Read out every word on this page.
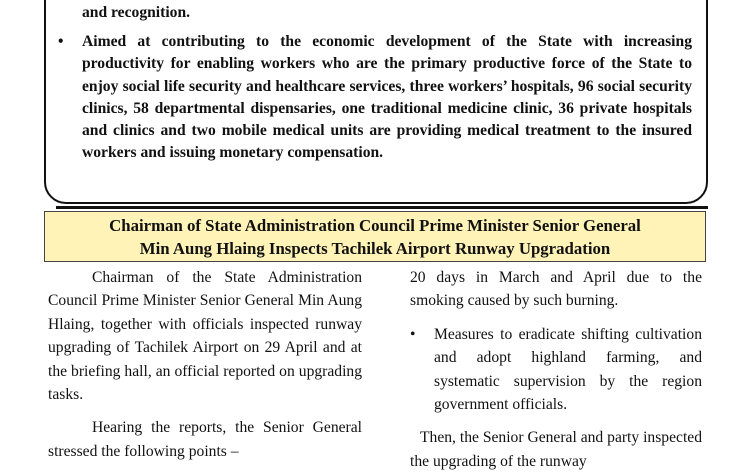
and recognition.
• Aimed at contributing to the economic development of the State with increasing productivity for enabling workers who are the primary productive force of the State to enjoy social life security and healthcare services, three workers’ hospitals, 96 social security clinics, 58 departmental dispensaries, one traditional medicine clinic, 36 private hospitals and clinics and two mobile medical units are providing medical treatment to the insured workers and issuing monetary compensation.
Chairman of State Administration Council Prime Minister Senior General
Min Aung Hlaing Inspects Tachilek Airport Runway Upgradation

Chairman of the State Administration Council Prime Minister Senior General Min Aung Hlaing, together with officials inspected runway upgrading of Tachilek Airport on 29 April and at the briefing hall, an official reported on upgrading tasks.

Hearing the reports, the Senior General stressed the following points –

20 days in March and April due to the smoking caused by such burning.

• Measures to eradicate shifting cultivation and adopt highland farming, and systematic supervision by the region government officials.

Then, the Senior General and party inspected the upgrading of the runway
